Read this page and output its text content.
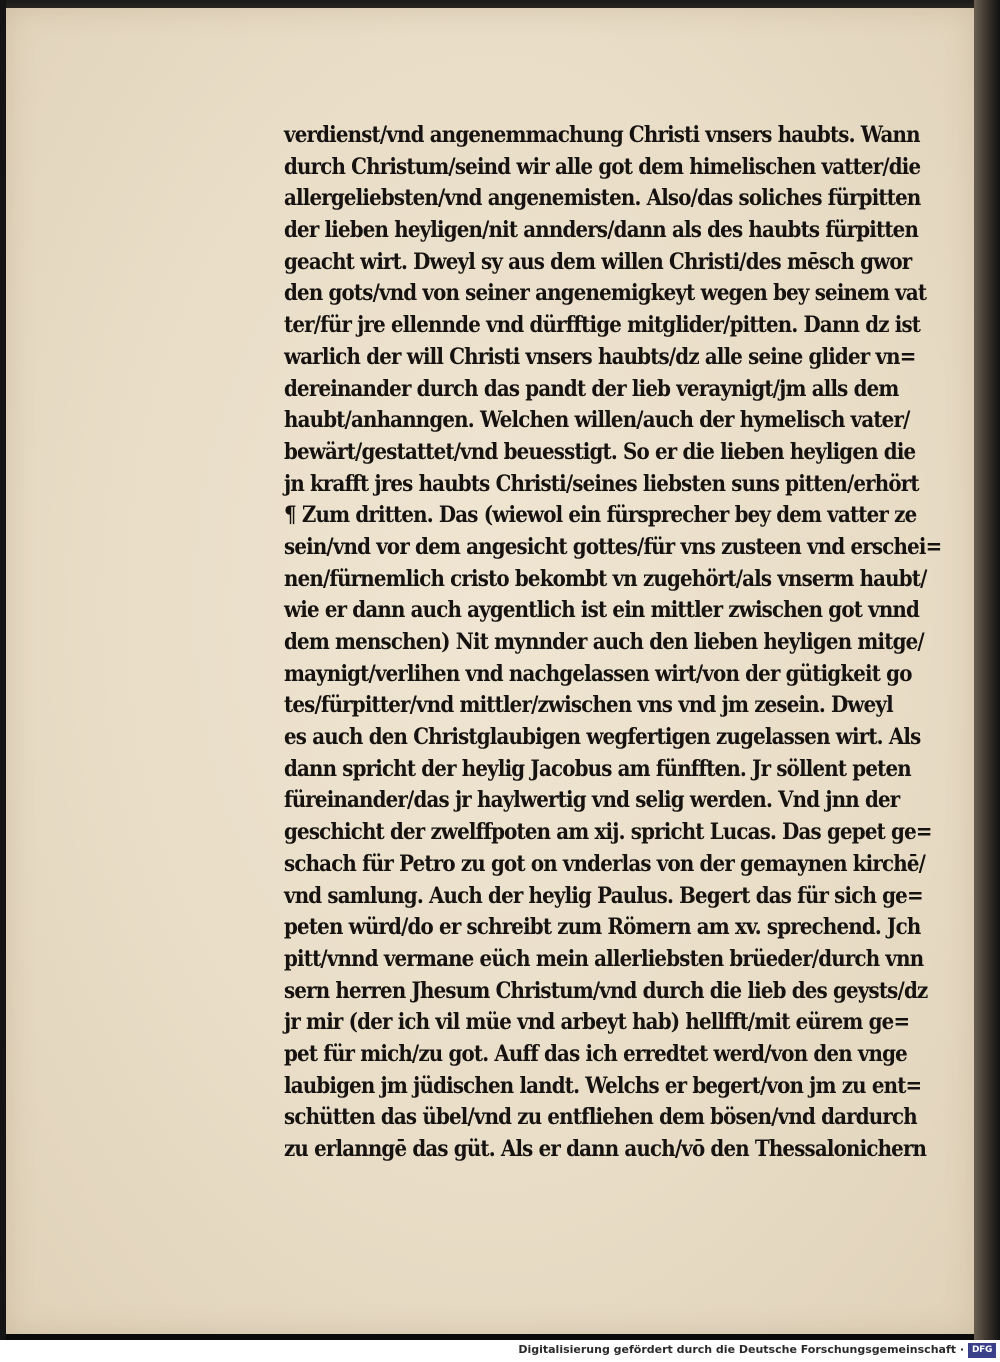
verdienst/vnd angenemmachung Christi vnsers haubts. Wann
durch Christum/seind wir alle got dem himelischen vatter/die
allergeliebsten/vnd angenemisten. Also/das soliches fürpitten
der lieben heyligen/nit annders/dann als des haubts fürpitten
geacht wirt. Dweyl sy aus dem willen Christi/des mēsch gwor
den gots/vnd von seiner angenemigkeyt wegen bey seinem vat
ter/für jre ellennde vnd dürfftige mitglider/pitten. Dann dz ist
warlich der will Christi vnsers haubts/dz alle seine glider vn=
dereinander durch das pandt der lieb veraynigt/jm alls dem
haubt/anhanngen. Welchen willen/auch der hymelisch vater/
bewärt/gestattet/vnd beuesstigt. So er die lieben heyligen die
jn krafft jres haubts Christi/seines liebsten suns pitten/erhört
¶ Zum dritten. Das (wiewol ein fürsprecher bey dem vatter ze
sein/vnd vor dem angesicht gottes/für vns zusteen vnd erschei=
nen/fürnemlich cristo bekombt vn zugehört/als vnserm haubt/
wie er dann auch aygentlich ist ein mittler zwischen got vnnd
dem menschen) Nit mynnder auch den lieben heyligen mitge/
maynigt/verlihen vnd nachgelassen wirt/von der gütigkeit go
tes/fürpitter/vnd mittler/zwischen vns vnd jm zesein. Dweyl
es auch den Christglaubigen wegfertigen zugelassen wirt. Als
dann spricht der heylig Jacobus am fünfften. Jr söllent peten
füreinander/das jr haylwertig vnd selig werden. Vnd jnn der
geschicht der zwelffpoten am xij. spricht Lucas. Das gepet ge=
schach für Petro zu got on vnderlas von der gemaynen kirchē/
vnd samlung. Auch der heylig Paulus. Begert das für sich ge=
peten würd/do er schreibt zum Römern am xv. sprechend. Jch
pitt/vnnd vermane eüch mein allerliebsten brüeder/durch vnn
sern herren Jhesum Christum/vnd durch die lieb des geysts/dz
jr mir (der ich vil müe vnd arbeyt hab) hellfft/mit eürem ge=
pet für mich/zu got. Auff das ich erredtet werd/von den vnge
laubigen jm jüdischen landt. Welchs er begert/von jm zu ent=
schütten das übel/vnd zu entfliehen dem bösen/vnd dardurch
zu erlanngē das güt. Als er dann auch/vō den Thessalonichern
Digitalisierung gefördert durch die Deutsche Forschungsgemeinschaft · DFG
